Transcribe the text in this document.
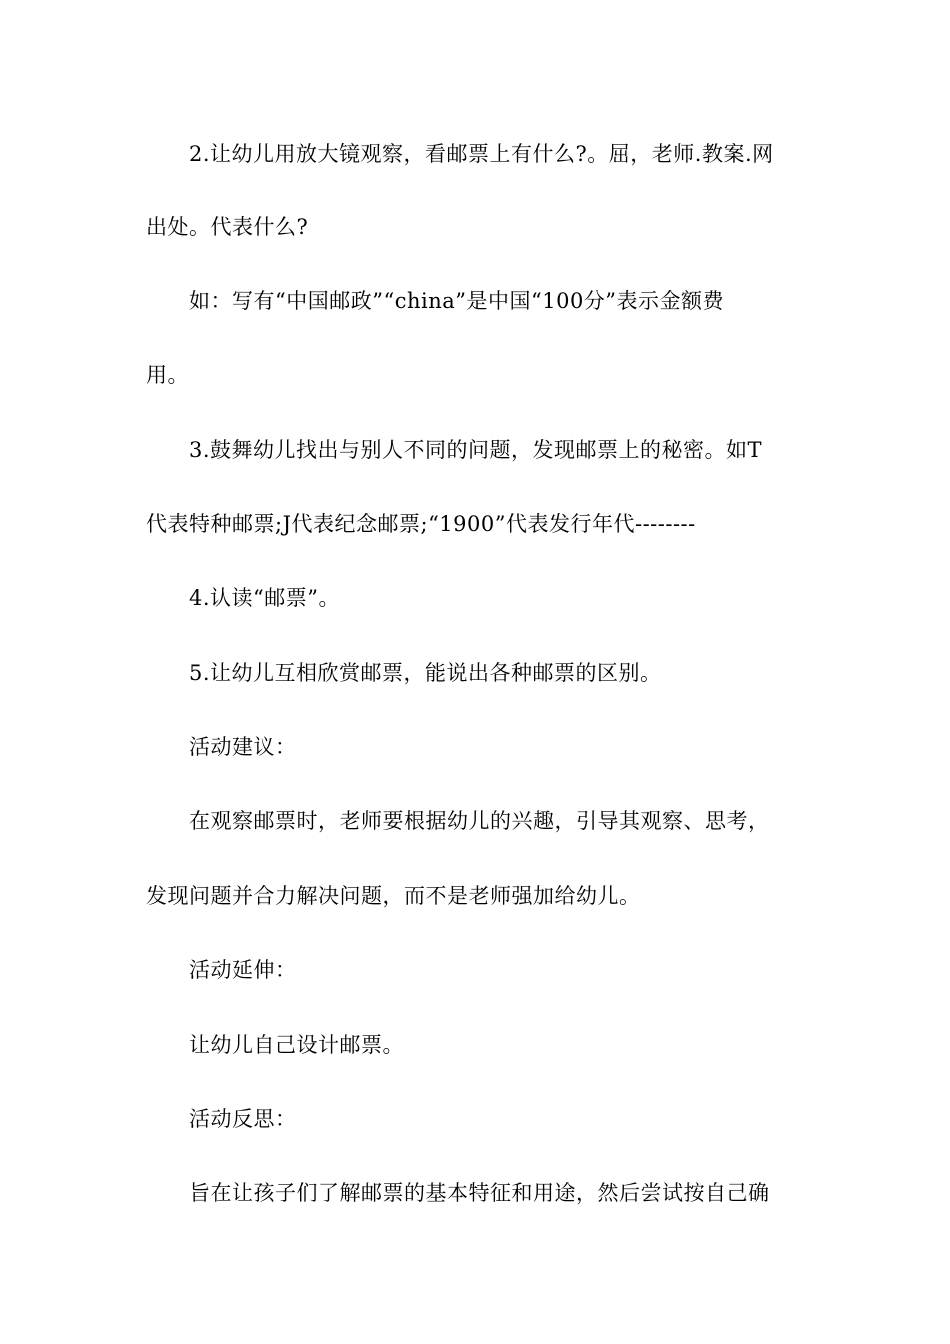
2.让幼儿用放大镜观察，看邮票上有什么?。屈，老师.教案.网
出处。代表什么?
如：写有“中国邮政”“china”是中国“100分”表示金额费
用。
3.鼓舞幼儿找出与别人不同的问题，发现邮票上的秘密。如T
代表特种邮票;J代表纪念邮票;“1900”代表发行年代--------
4.认读“邮票”。
5.让幼儿互相欣赏邮票，能说出各种邮票的区别。
活动建议：
在观察邮票时，老师要根据幼儿的兴趣，引导其观察、思考，
发现问题并合力解决问题，而不是老师强加给幼儿。
活动延伸：
让幼儿自己设计邮票。
活动反思：
旨在让孩子们了解邮票的基本特征和用途，然后尝试按自己确
